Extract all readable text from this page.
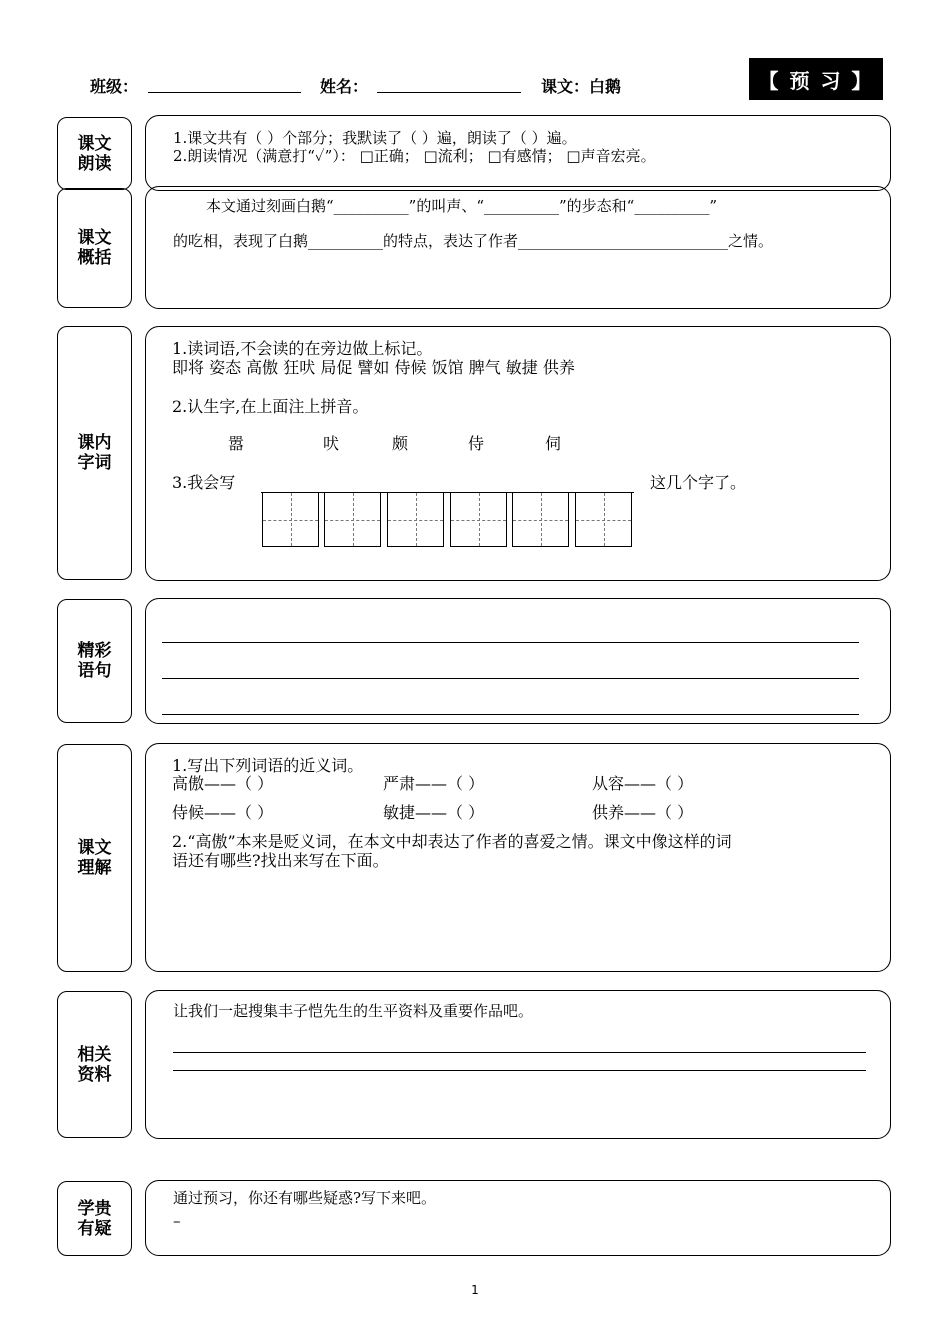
班级：	姓名：	课文：白鹅	【 预 习 】
课文
朗读
1.课文共有（ ）个部分；我默读了（ ）遍，朗读了（ ）遍。
2.朗读情况（满意打“✓”）： □正确； □流利； □有感情； □声音宏亮。
课文
概括
本文通过刻画白鹅“__________”的叫声、“__________”的步态和“__________”
的吃相，表现了白鹅__________的特点，表达了作者____________________________之情。
课内
字词
1.读词语,不会读的在旁边做上标记。
即将 姿态 高傲 狂吠 局促 譬如 侍候 饭馆 脾气 敏捷 供养
2.认生字,在上面注上拼音。
嚣	吠	颇	侍	伺
3.我会写	这几个字了。
精彩
语句
课文
理解
1.写出下列词语的近义词。
高傲——（ ）	严肃——（ ）	从容——（ ）
侍候——（ ）	敏捷——（ ）	供养——（ ）
2.“高傲”本来是贬义词，在本文中却表达了作者的喜爱之情。课文中像这样的词
语还有哪些?找出来写在下面。
相关
资料
让我们一起搜集丰子恺先生的生平资料及重要作品吧。
学贵
有疑
通过预习，你还有哪些疑惑?写下来吧。
–
1
